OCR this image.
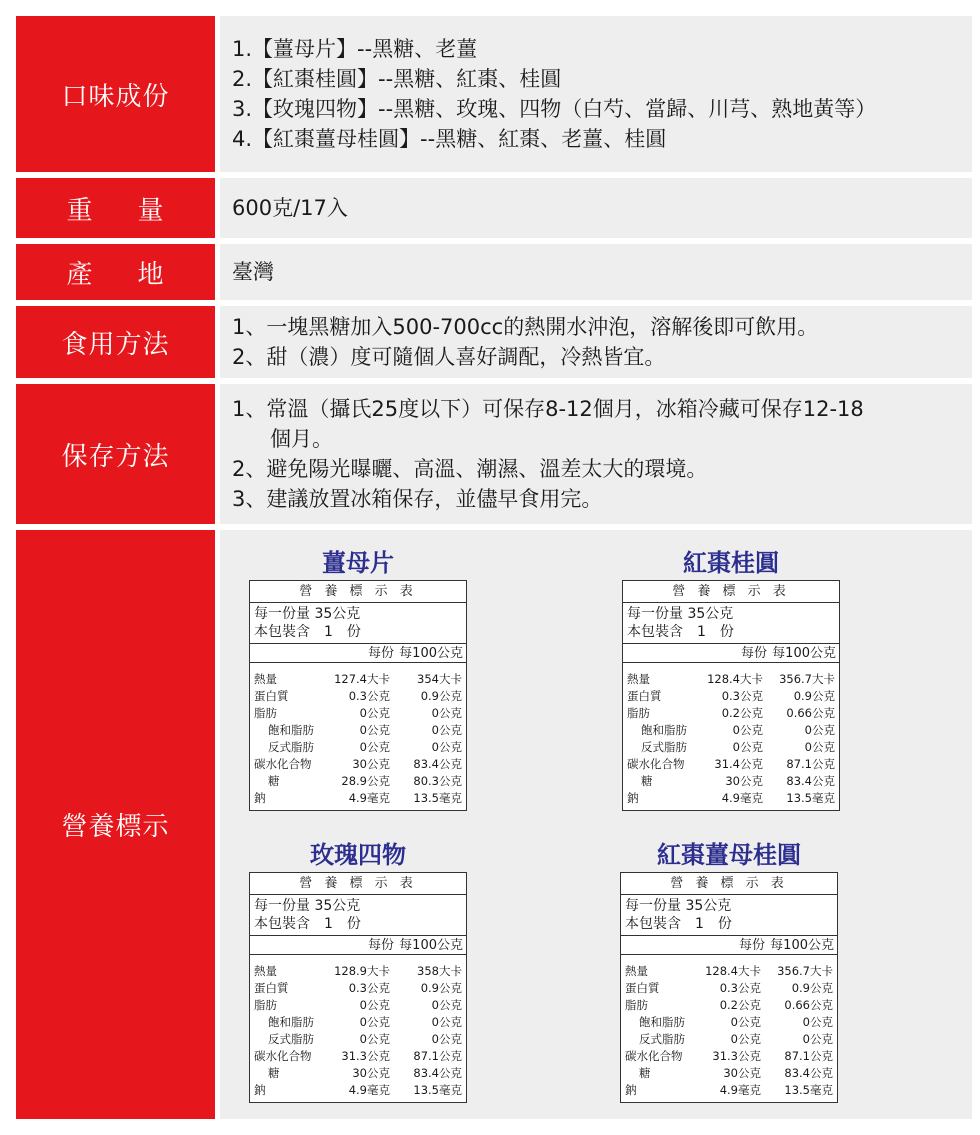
口味成份

1.【薑母片】--黑糖、老薑

2.【紅棗桂圓】--黑糖、紅棗、桂圓

3.【玫瑰四物】--黑糖、玫瑰、四物（白芍、當歸、川芎、熟地黃等）

4.【紅棗薑母桂圓】--黑糖、紅棗、老薑、桂圓

重 量	600克/17入

產 地	臺灣

食用方法

1、一塊黑糖加入500-700cc的熱開水沖泡，溶解後即可飲用。

2、甜（濃）度可隨個人喜好調配，冷熱皆宜。

保存方法

1、常溫（攝氏25度以下）可保存8-12個月，冰箱冷藏可保存12-18

個月。

2、避免陽光曝曬、高溫、潮濕、溫差太大的環境。

3、建議放置冰箱保存，並儘早食用完。

營養標示
薑母片
營 養 標 示 表
每一份量 35公克
本包裝含　1　份
每份 每100公克
熱量	127.4大卡	354大卡
蛋白質	0.3公克	0.9公克
脂肪	0公克	0公克
飽和脂肪	0公克	0公克
反式脂肪	0公克	0公克
碳水化合物	30公克	83.4公克
糖	28.9公克	80.3公克
鈉	4.9毫克	13.5毫克
紅棗桂圓
營 養 標 示 表
每一份量 35公克
本包裝含　1　份
每份 每100公克
熱量	128.4大卡	356.7大卡
蛋白質	0.3公克	0.9公克
脂肪	0.2公克	0.66公克
飽和脂肪	0公克	0公克
反式脂肪	0公克	0公克
碳水化合物	31.4公克	87.1公克
糖	30公克	83.4公克
鈉	4.9毫克	13.5毫克
玫瑰四物
營 養 標 示 表
每一份量 35公克
本包裝含　1　份
每份 每100公克
熱量	128.9大卡	358大卡
蛋白質	0.3公克	0.9公克
脂肪	0公克	0公克
飽和脂肪	0公克	0公克
反式脂肪	0公克	0公克
碳水化合物	31.3公克	87.1公克
糖	30公克	83.4公克
鈉	4.9毫克	13.5毫克
紅棗薑母桂圓
營 養 標 示 表
每一份量 35公克
本包裝含　1　份
每份 每100公克
熱量	128.4大卡	356.7大卡
蛋白質	0.3公克	0.9公克
脂肪	0.2公克	0.66公克
飽和脂肪	0公克	0公克
反式脂肪	0公克	0公克
碳水化合物	31.3公克	87.1公克
糖	30公克	83.4公克
鈉	4.9毫克	13.5毫克
